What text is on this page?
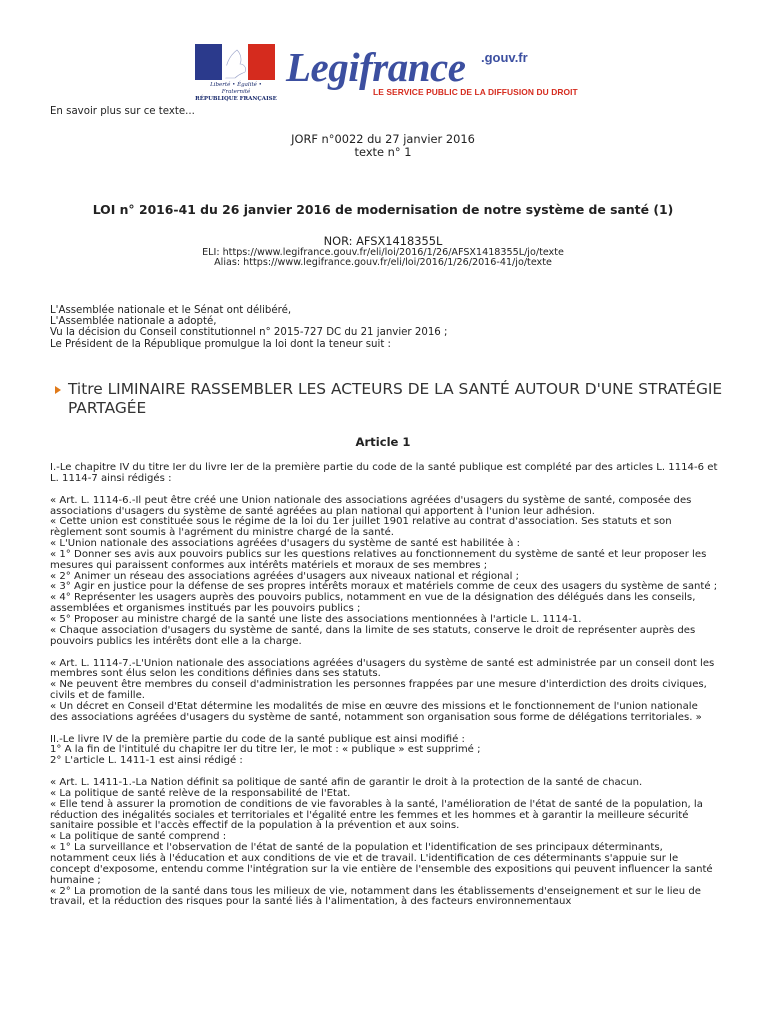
Liberté • Égalité • Fraternité
RÉPUBLIQUE FRANÇAISE
Legifrance .gouv.fr
LE SERVICE PUBLIC DE LA DIFFUSION DU DROIT
En savoir plus sur ce texte...
JORF n°0022 du 27 janvier 2016
texte n° 1
LOI n° 2016-41 du 26 janvier 2016 de modernisation de notre système de santé (1)
NOR: AFSX1418355L
ELI: https://www.legifrance.gouv.fr/eli/loi/2016/1/26/AFSX1418355L/jo/texte
Alias: https://www.legifrance.gouv.fr/eli/loi/2016/1/26/2016-41/jo/texte
L'Assemblée nationale et le Sénat ont délibéré,
L'Assemblée nationale a adopté,
Vu la décision du Conseil constitutionnel n° 2015-727 DC du 21 janvier 2016 ;
Le Président de la République promulgue la loi dont la teneur suit :
Titre LIMINAIRE RASSEMBLER LES ACTEURS DE LA SANTÉ AUTOUR D'UNE STRATÉGIE PARTAGÉE
Article 1

I.-Le chapitre IV du titre Ier du livre Ier de la première partie du code de la santé publique est complété par des articles L. 1114-6 et L. 1114-7 ainsi rédigés :

« Art. L. 1114-6.-Il peut être créé une Union nationale des associations agréées d'usagers du système de santé, composée des associations d'usagers du système de santé agréées au plan national qui apportent à l'union leur adhésion.

« Cette union est constituée sous le régime de la loi du 1er juillet 1901 relative au contrat d'association. Ses statuts et son règlement sont soumis à l'agrément du ministre chargé de la santé.

« L'Union nationale des associations agréées d'usagers du système de santé est habilitée à :

« 1° Donner ses avis aux pouvoirs publics sur les questions relatives au fonctionnement du système de santé et leur proposer les mesures qui paraissent conformes aux intérêts matériels et moraux de ses membres ;

« 2° Animer un réseau des associations agréées d'usagers aux niveaux national et régional ;

« 3° Agir en justice pour la défense de ses propres intérêts moraux et matériels comme de ceux des usagers du système de santé ;

« 4° Représenter les usagers auprès des pouvoirs publics, notamment en vue de la désignation des délégués dans les conseils, assemblées et organismes institués par les pouvoirs publics ;

« 5° Proposer au ministre chargé de la santé une liste des associations mentionnées à l'article L. 1114-1.

« Chaque association d'usagers du système de santé, dans la limite de ses statuts, conserve le droit de représenter auprès des pouvoirs publics les intérêts dont elle a la charge.

« Art. L. 1114-7.-L'Union nationale des associations agréées d'usagers du système de santé est administrée par un conseil dont les membres sont élus selon les conditions définies dans ses statuts.

« Ne peuvent être membres du conseil d'administration les personnes frappées par une mesure d'interdiction des droits civiques, civils et de famille.

« Un décret en Conseil d'Etat détermine les modalités de mise en œuvre des missions et le fonctionnement de l'union nationale des associations agréées d'usagers du système de santé, notamment son organisation sous forme de délégations territoriales. »

II.-Le livre IV de la première partie du code de la santé publique est ainsi modifié :

1° A la fin de l'intitulé du chapitre Ier du titre Ier, le mot : « publique » est supprimé ;

2° L'article L. 1411-1 est ainsi rédigé :

« Art. L. 1411-1.-La Nation définit sa politique de santé afin de garantir le droit à la protection de la santé de chacun.

« La politique de santé relève de la responsabilité de l'Etat.

« Elle tend à assurer la promotion de conditions de vie favorables à la santé, l'amélioration de l'état de santé de la population, la réduction des inégalités sociales et territoriales et l'égalité entre les femmes et les hommes et à garantir la meilleure sécurité sanitaire possible et l'accès effectif de la population à la prévention et aux soins.

« La politique de santé comprend :

« 1° La surveillance et l'observation de l'état de santé de la population et l'identification de ses principaux déterminants, notamment ceux liés à l'éducation et aux conditions de vie et de travail. L'identification de ces déterminants s'appuie sur le concept d'exposome, entendu comme l'intégration sur la vie entière de l'ensemble des expositions qui peuvent influencer la santé humaine ;

« 2° La promotion de la santé dans tous les milieux de vie, notamment dans les établissements d'enseignement et sur le lieu de travail, et la réduction des risques pour la santé liés à l'alimentation, à des facteurs environnementaux
